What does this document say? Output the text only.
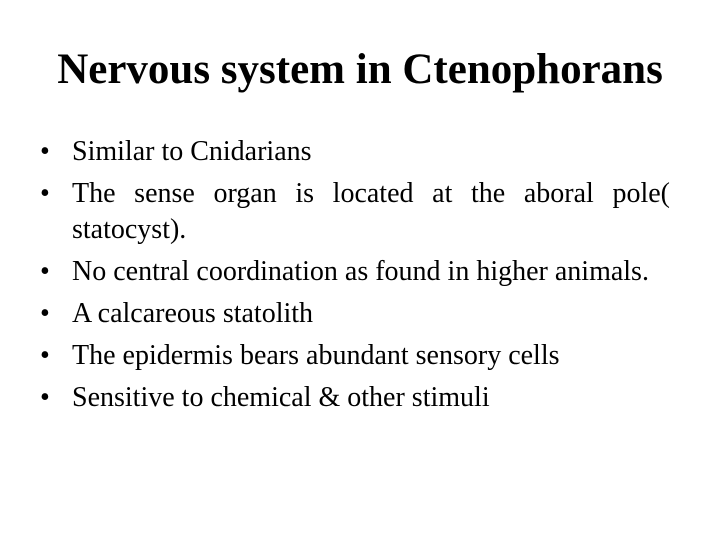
Nervous system in Ctenophorans
• Similar to Cnidarians
• The sense organ is located at the aboral pole( statocyst).
• No central coordination as found in higher animals.
• A calcareous statolith
• The epidermis bears abundant sensory cells
• Sensitive to chemical & other stimuli
